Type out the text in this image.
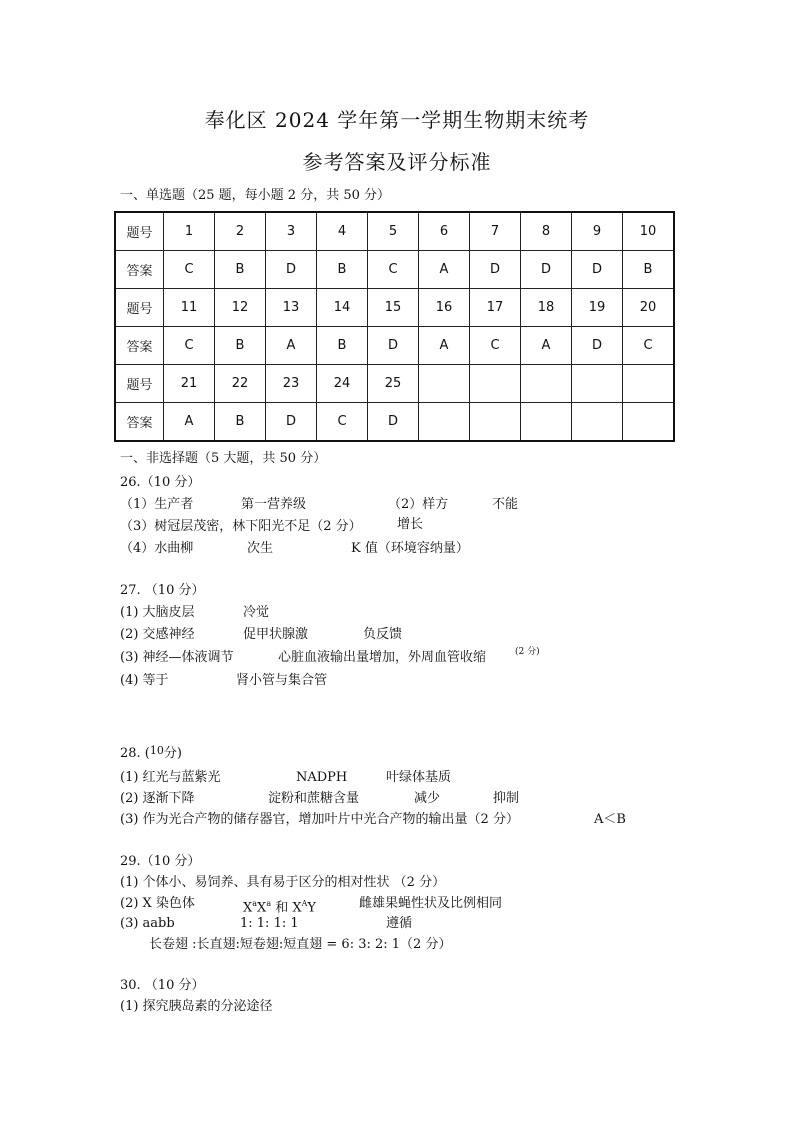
奉化区 2024 学年第一学期生物期末统考
参考答案及评分标准
一、单选题（25 题，每小题 2 分，共 50 分）
题号	1	2	3	4	5	6	7	8	9	10
答案	C	B	D	B	C	A	D	D	D	B
题号	11	12	13	14	15	16	17	18	19	20
答案	C	B	A	B	D	A	C	A	D	C
题号	21	22	23	24	25					
答案	A	B	D	C	D					
一、非选择题（5 大题，共 50 分）
26.（10 分）
（1）生产者	第一营养级	（2）样方	不能
（3）树冠层茂密，林下阳光不足（2 分）	增长
（4）水曲柳	次生	K 值（环境容纳量）
27. （10 分）
(1) 大脑皮层	冷觉
(2) 交感神经	促甲状腺激	负反馈
(3) 神经—体液调节	心脏血液输出量增加，外周血管收缩	(2 分)
(4) 等于	肾小管与集合管
28. ($^{10}$分)
(1) 红光与蓝紫光	NADPH	叶绿体基质
(2) 逐渐下降	淀粉和蔗糖含量	减少	抑制
(3) 作为光合产物的储存器官，增加叶片中光合产物的输出量（2 分）	A＜B
29.（10 分）
(1) 个体小、易饲养、具有易于区分的相对性状 （2 分）
(2) X 染色体	$X^aX^a$ 和 $X^AY$	雌雄果蝇性状及比例相同
(3) aabb	1: 1: 1: 1	遵循
长卷翅 :长直翅:短卷翅:短直翅 = 6: 3: 2: 1（2 分）
30. （10 分）
(1) 探究胰岛素的分泌途径
